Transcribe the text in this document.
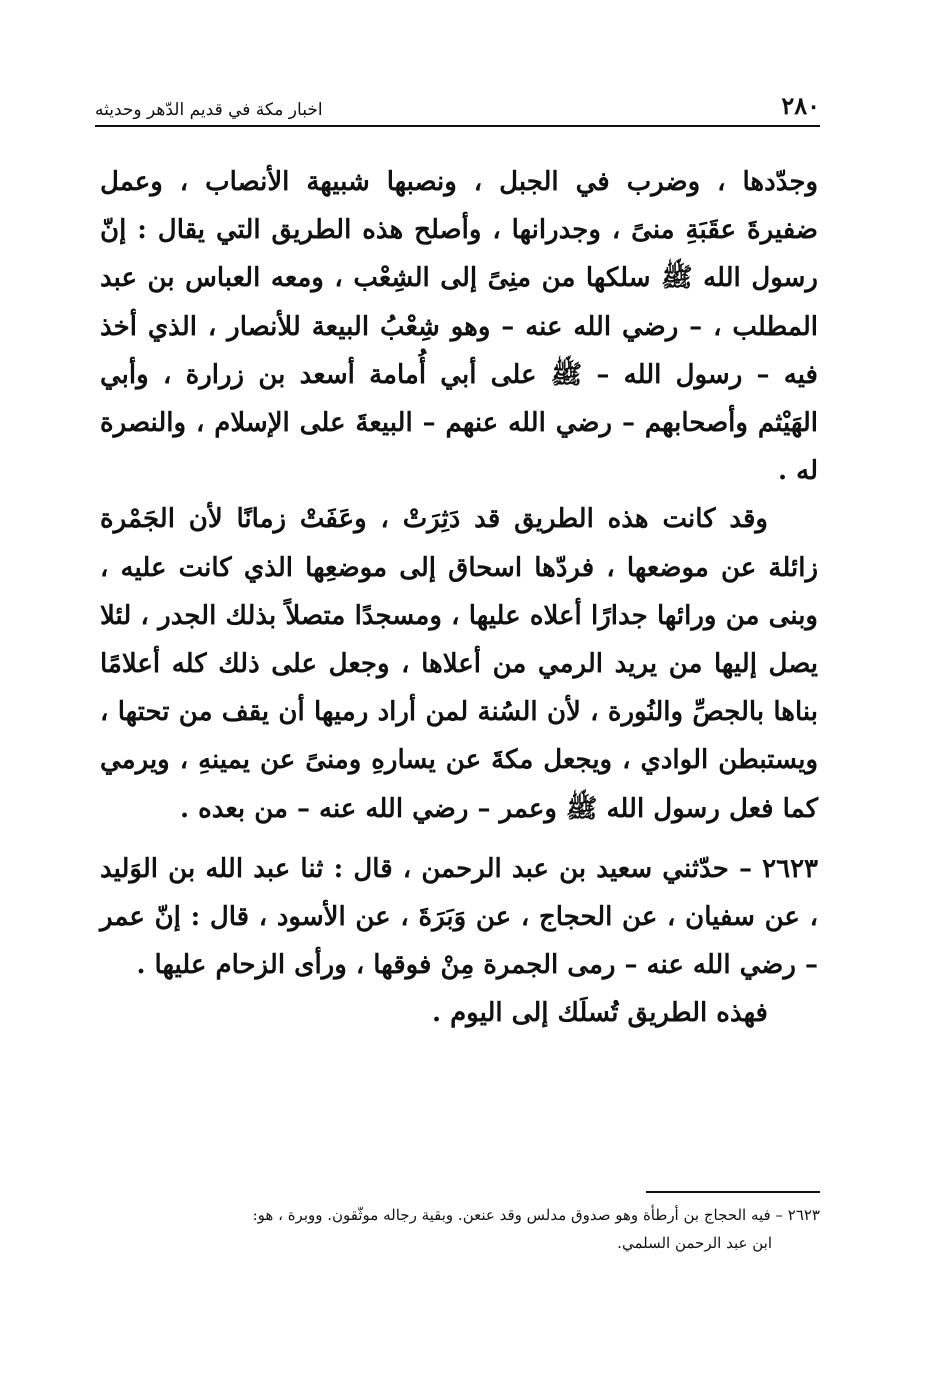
٢٨٠
اخبار مكة في قديم الدّهر وحديثه

وجدّدها ، وضرب في الجبل ، ونصبها شبيهة الأنصاب ، وعمل ضفيرةَ عقَبَةِ منىً ، وجدرانها ، وأصلح هذه الطريق التي يقال : إنّ رسول الله ﷺ سلكها من منِىً إلى الشِعْب ، ومعه العباس بن عبد المطلب ، – رضي الله عنه – وهو شِعْبُ البيعة للأنصار ، الذي أخذ فيه – رسول الله – ﷺ على أبي أُمامة أسعد بن زرارة ، وأبي الهَيْثم وأصحابهم – رضي الله عنهم – البيعةَ على الإسلام ، والنصرة له .

وقد كانت هذه الطريق قد دَثِرَتْ ، وعَفَتْ زمانًا لأن الجَمْرة زائلة عن موضعها ، فردّها اسحاق إلى موضعِها الذي كانت عليه ، وبنى من ورائها جدارًا أعلاه عليها ، ومسجدًا متصلاً بذلك الجدر ، لئلا يصل إليها من يريد الرمي من أعلاها ، وجعل على ذلك كله أعلامًا بناها بالجصِّ والنُورة ، لأن السُنة لمن أراد رميها أن يقف من تحتها ، ويستبطن الوادي ، ويجعل مكةَ عن يسارهِ ومنىً عن يمينهِ ، ويرمي كما فعل رسول الله ﷺ وعمر – رضي الله عنه – من بعده .

٢٦٢٣ – حدّثني سعيد بن عبد الرحمن ، قال : ثنا عبد الله بن الوَليد ، عن سفيان ، عن الحجاج ، عن وَبَرَةَ ، عن الأسود ، قال : إنّ عمر – رضي الله عنه – رمى الجمرة مِنْ فوقها ، ورأى الزحام عليها .

فهذه الطريق تُسلَك إلى اليوم .

٢٦٢٣ – فيه الحجاج بن أرطأة وهو صدوق مدلس وقد عنعن. وبقية رجاله موثّقون. ووبرة ، هو:
ابن عبد الرحمن السلمي.
